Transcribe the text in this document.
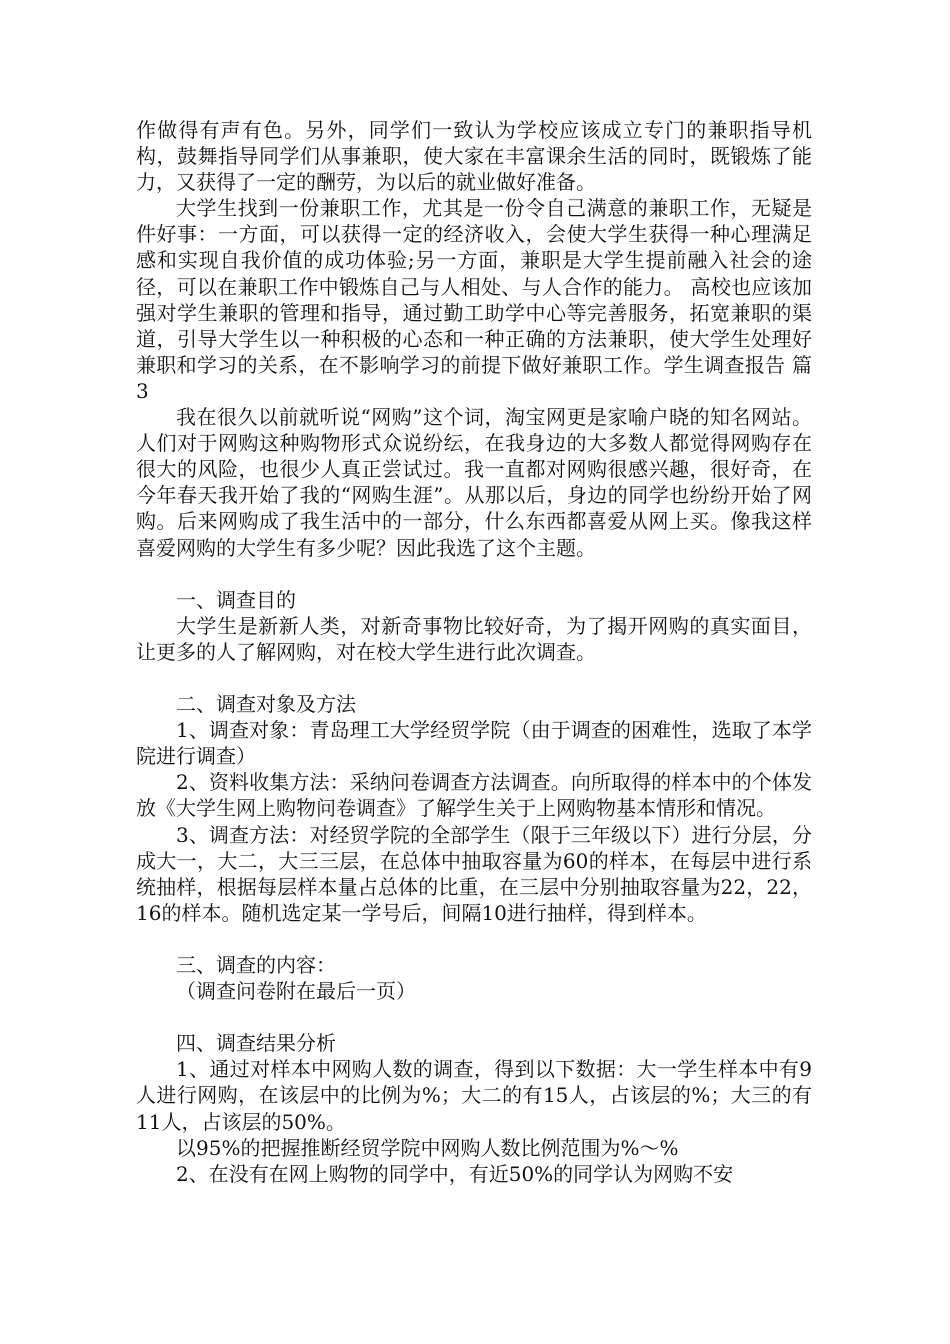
作做得有声有色。另外，同学们一致认为学校应该成立专门的兼职指导机构，鼓舞指导同学们从事兼职，使大家在丰富课余生活的同时，既锻炼了能力，又获得了一定的酬劳，为以后的就业做好准备。

大学生找到一份兼职工作，尤其是一份令自己满意的兼职工作，无疑是件好事：一方面，可以获得一定的经济收入，会使大学生获得一种心理满足感和实现自我价值的成功体验;另一方面，兼职是大学生提前融入社会的途径，可以在兼职工作中锻炼自己与人相处、与人合作的能力。 高校也应该加强对学生兼职的管理和指导，通过勤工助学中心等完善服务，拓宽兼职的渠道，引导大学生以一种积极的心态和一种正确的方法兼职，使大学生处理好兼职和学习的关系，在不影响学习的前提下做好兼职工作。学生调查报告 篇3

我在很久以前就听说“网购”这个词，淘宝网更是家喻户晓的知名网站。人们对于网购这种购物形式众说纷纭，在我身边的大多数人都觉得网购存在很大的风险，也很少人真正尝试过。我一直都对网购很感兴趣，很好奇，在今年春天我开始了我的“网购生涯”。从那以后，身边的同学也纷纷开始了网购。后来网购成了我生活中的一部分，什么东西都喜爱从网上买。像我这样喜爱网购的大学生有多少呢？因此我选了这个主题。

一、调查目的

大学生是新新人类，对新奇事物比较好奇，为了揭开网购的真实面目，让更多的人了解网购，对在校大学生进行此次调查。

二、调查对象及方法

1、调查对象：青岛理工大学经贸学院（由于调查的困难性，选取了本学院进行调查）

2、资料收集方法：采纳问卷调查方法调查。向所取得的样本中的个体发放《大学生网上购物问卷调查》了解学生关于上网购物基本情形和情况。

3、调查方法：对经贸学院的全部学生（限于三年级以下）进行分层，分成大一，大二，大三三层，在总体中抽取容量为60的样本，在每层中进行系统抽样，根据每层样本量占总体的比重，在三层中分别抽取容量为22，22，16的样本。随机选定某一学号后，间隔10进行抽样，得到样本。

三、调查的内容：

（调查问卷附在最后一页）

四、调查结果分析

1、通过对样本中网购人数的调查，得到以下数据：大一学生样本中有9人进行网购，在该层中的比例为%；大二的有15人，占该层的%；大三的有11人，占该层的50%。

以95%的把握推断经贸学院中网购人数比例范围为%～%

2、在没有在网上购物的同学中，有近50%的同学认为网购不安
